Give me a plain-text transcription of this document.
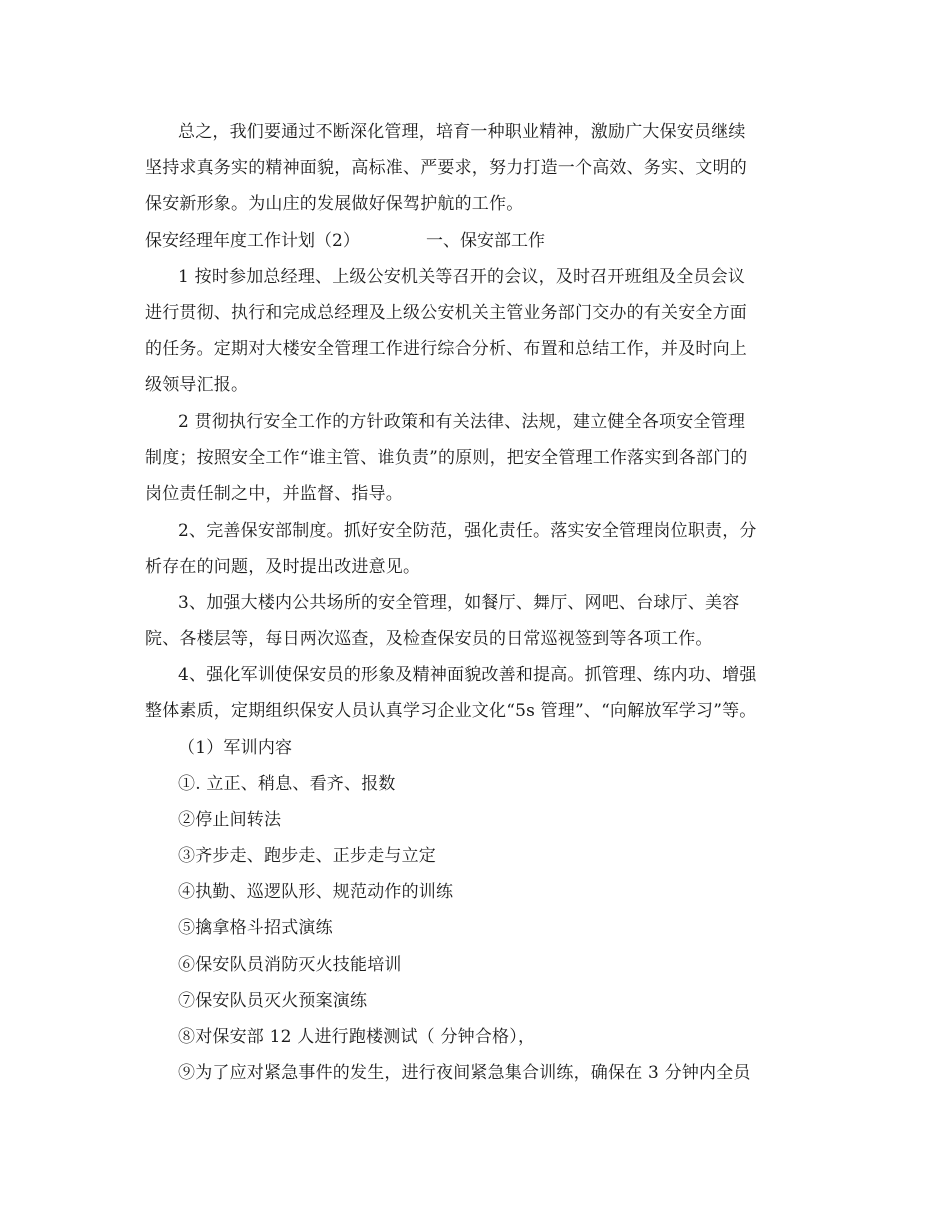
总之，我们要通过不断深化管理，培育一种职业精神，激励广大保安员继续
坚持求真务实的精神面貌，高标准、严要求，努力打造一个高效、务实、文明的
保安新形象。为山庄的发展做好保驾护航的工作。
保安经理年度工作计划（2）	一、保安部工作
1 按时参加总经理、上级公安机关等召开的会议，及时召开班组及全员会议
进行贯彻、执行和完成总经理及上级公安机关主管业务部门交办的有关安全方面
的任务。定期对大楼安全管理工作进行综合分析、布置和总结工作，并及时向上
级领导汇报。
2 贯彻执行安全工作的方针政策和有关法律、法规，建立健全各项安全管理
制度；按照安全工作“谁主管、谁负责”的原则，把安全管理工作落实到各部门的
岗位责任制之中，并监督、指导。
2、完善保安部制度。抓好安全防范，强化责任。落实安全管理岗位职责，分
析存在的问题，及时提出改进意见。
3、加强大楼内公共场所的安全管理，如餐厅、舞厅、网吧、台球厅、美容
院、各楼层等，每日两次巡查，及检查保安员的日常巡视签到等各项工作。
4、强化军训使保安员的形象及精神面貌改善和提高。抓管理、练内功、增强
整体素质，定期组织保安人员认真学习企业文化“5s 管理”、“向解放军学习”等。
（1）军训内容
①. 立正、稍息、看齐、报数
②停止间转法
③齐步走、跑步走、正步走与立定
④执勤、巡逻队形、规范动作的训练
⑤擒拿格斗招式演练
⑥保安队员消防灭火技能培训
⑦保安队员灭火预案演练
⑧对保安部 12 人进行跑楼测试（ 分钟合格），
⑨为了应对紧急事件的发生，进行夜间紧急集合训练，确保在 3 分钟内全员
